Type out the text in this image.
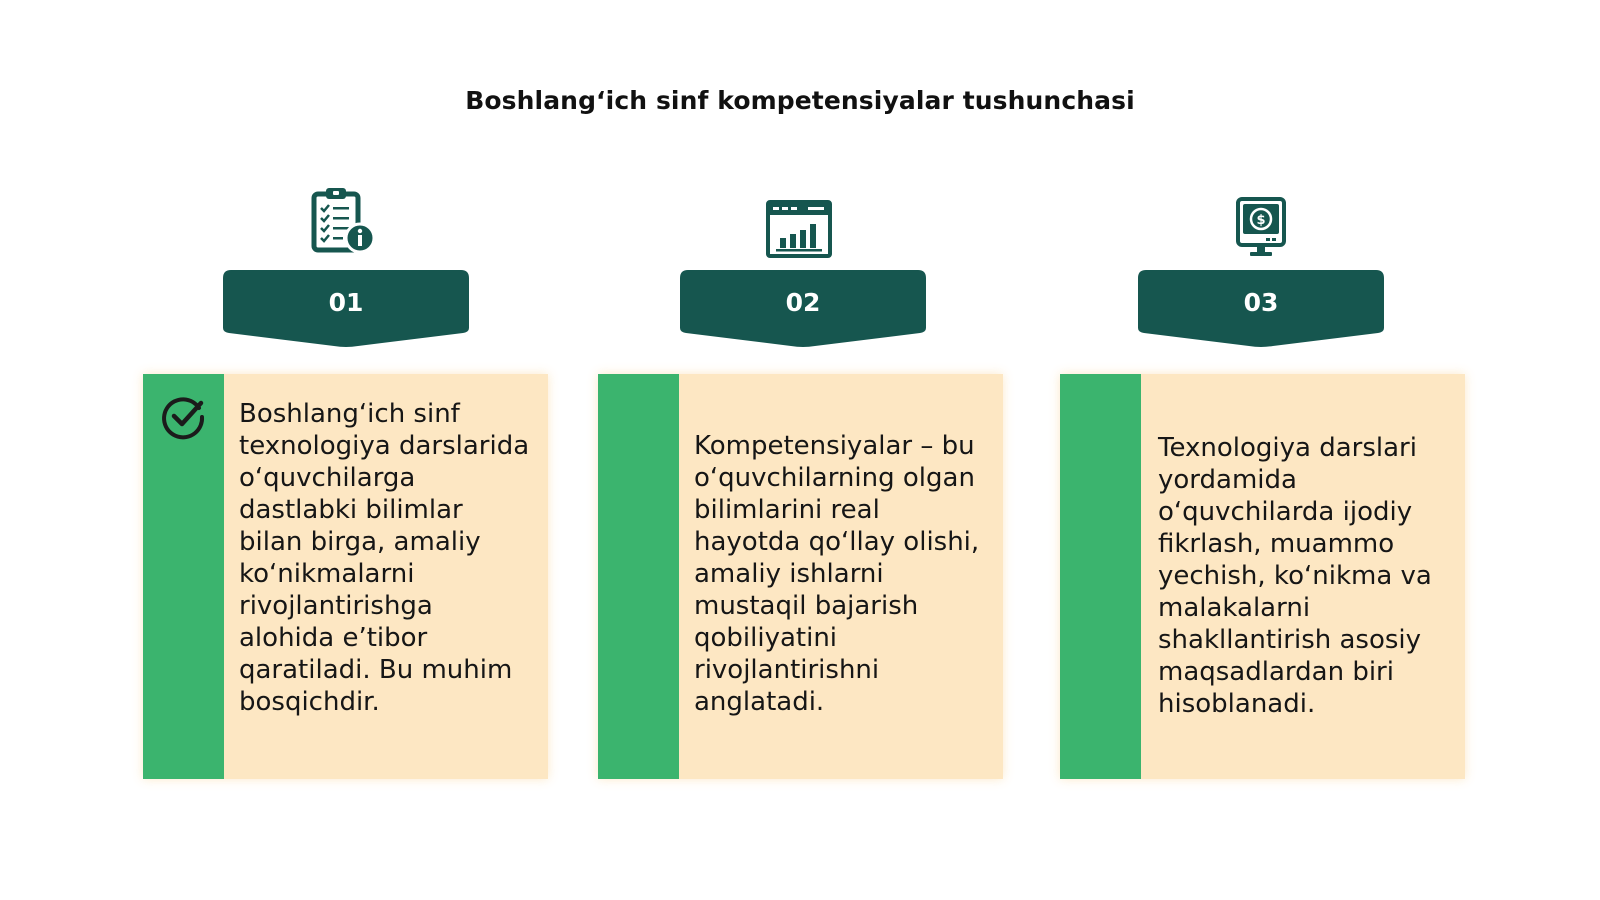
Boshlang‘ich sinf kompetensiyalar tushunchasi
01
Boshlang‘ich sinf texnologiya darslarida o‘quvchilarga dastlabki bilimlar bilan birga, amaliy ko‘nikmalarni rivojlantirishga alohida e’tibor qaratiladi. Bu muhim bosqichdir.
02
Kompetensiyalar – bu o‘quvchilarning olgan bilimlarini real hayotda qo‘llay olishi, amaliy ishlarni mustaqil bajarish qobiliyatini rivojlantirishni anglatadi.
$
03
Texnologiya darslari yordamida o‘quvchilarda ijodiy fikrlash, muammo yechish, ko‘nikma va malakalarni shakllantirish asosiy maqsadlardan biri hisoblanadi.
